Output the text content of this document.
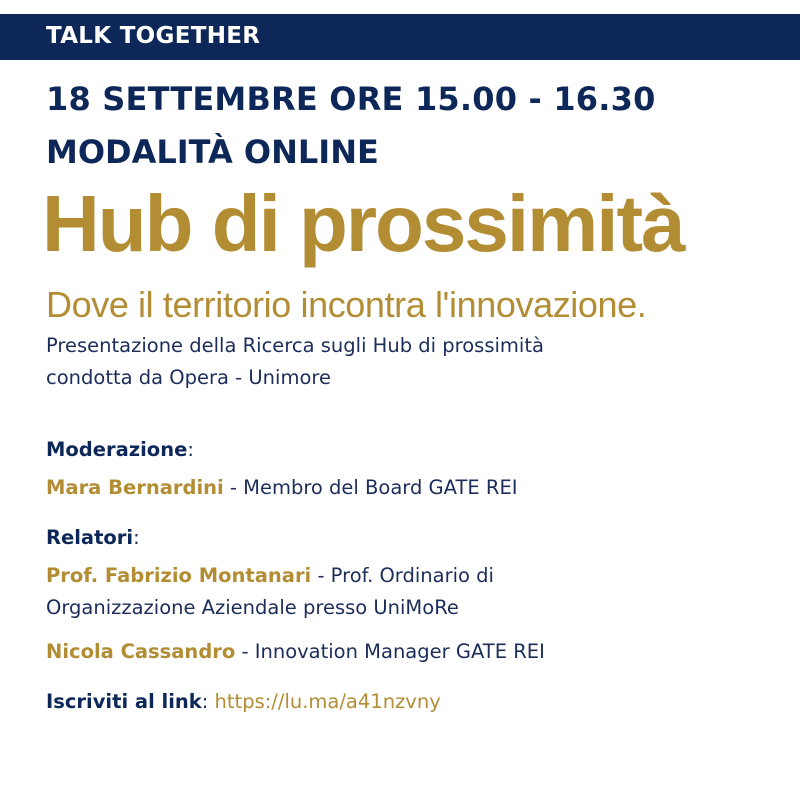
TALK TOGETHER
18 SETTEMBRE ORE 15.00 - 16.30
MODALITÀ ONLINE
Hub di prossimità
Dove il territorio incontra l'innovazione.
Presentazione della Ricerca sugli Hub di prossimità
condotta da Opera - Unimore
Moderazione:
Mara Bernardini - Membro del Board GATE REI
Relatori:
Prof. Fabrizio Montanari - Prof. Ordinario di
Organizzazione Aziendale presso UniMoRe
Nicola Cassandro - Innovation Manager GATE REI
Iscriviti al link: https://lu.ma/a41nzvny
